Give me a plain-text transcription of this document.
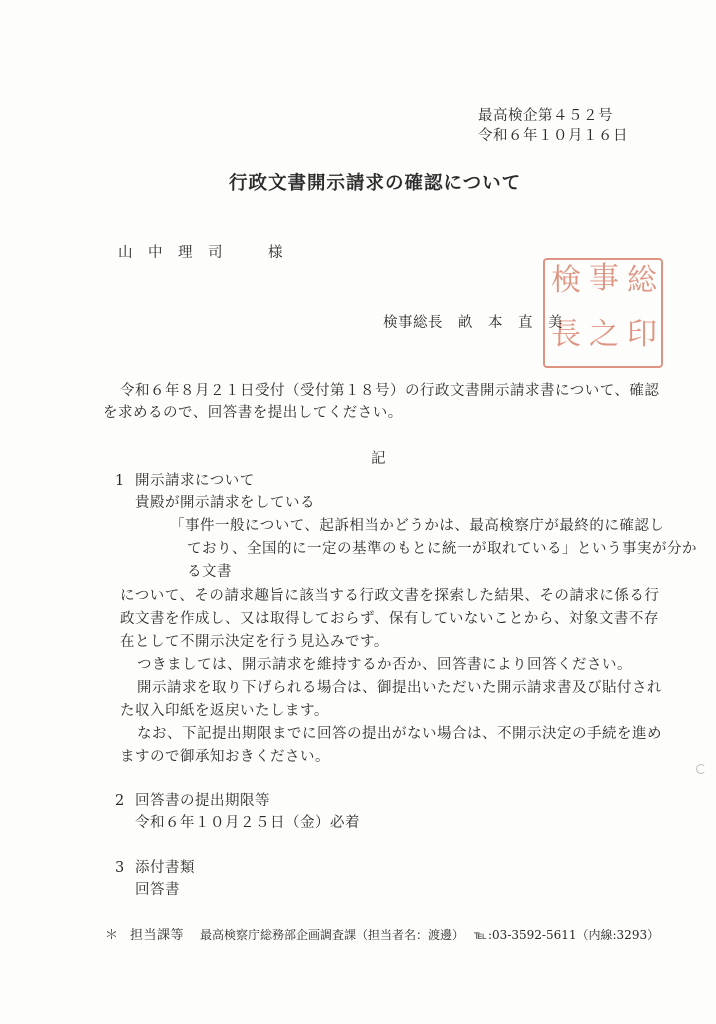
最高検企第４５２号
令和６年１０月１６日
行政文書開示請求の確認について
山　中　理　司　　　様
検 事 総
長 之 印
検事総長　畝　本　直　美
令和６年８月２１日受付（受付第１８号）の行政文書開示請求書について、確認
を求めるので、回答書を提出してください。
記
1 開示請求について
貴殿が開示請求をしている
「事件一般について、起訴相当かどうかは、最高検察庁が最終的に確認し
ており、全国的に一定の基準のもとに統一が取れている」という事実が分か
る文書
について、その請求趣旨に該当する行政文書を探索した結果、その請求に係る行
政文書を作成し、又は取得しておらず、保有していないことから、対象文書不存
在として不開示決定を行う見込みです。
つきましては、開示請求を維持するか否か、回答書により回答ください。
開示請求を取り下げられる場合は、御提出いただいた開示請求書及び貼付され
た収入印紙を返戻いたします。
なお、下記提出期限までに回答の提出がない場合は、不開示決定の手続を進め
ますので御承知おきください。
2 回答書の提出期限等
令和６年１０月２５日（金）必着
3 添付書類
回答書
＊ 担当課等 最高検察庁総務部企画調査課（担当者名：渡邊） ℡ :03-3592-5611（内線:3293）
